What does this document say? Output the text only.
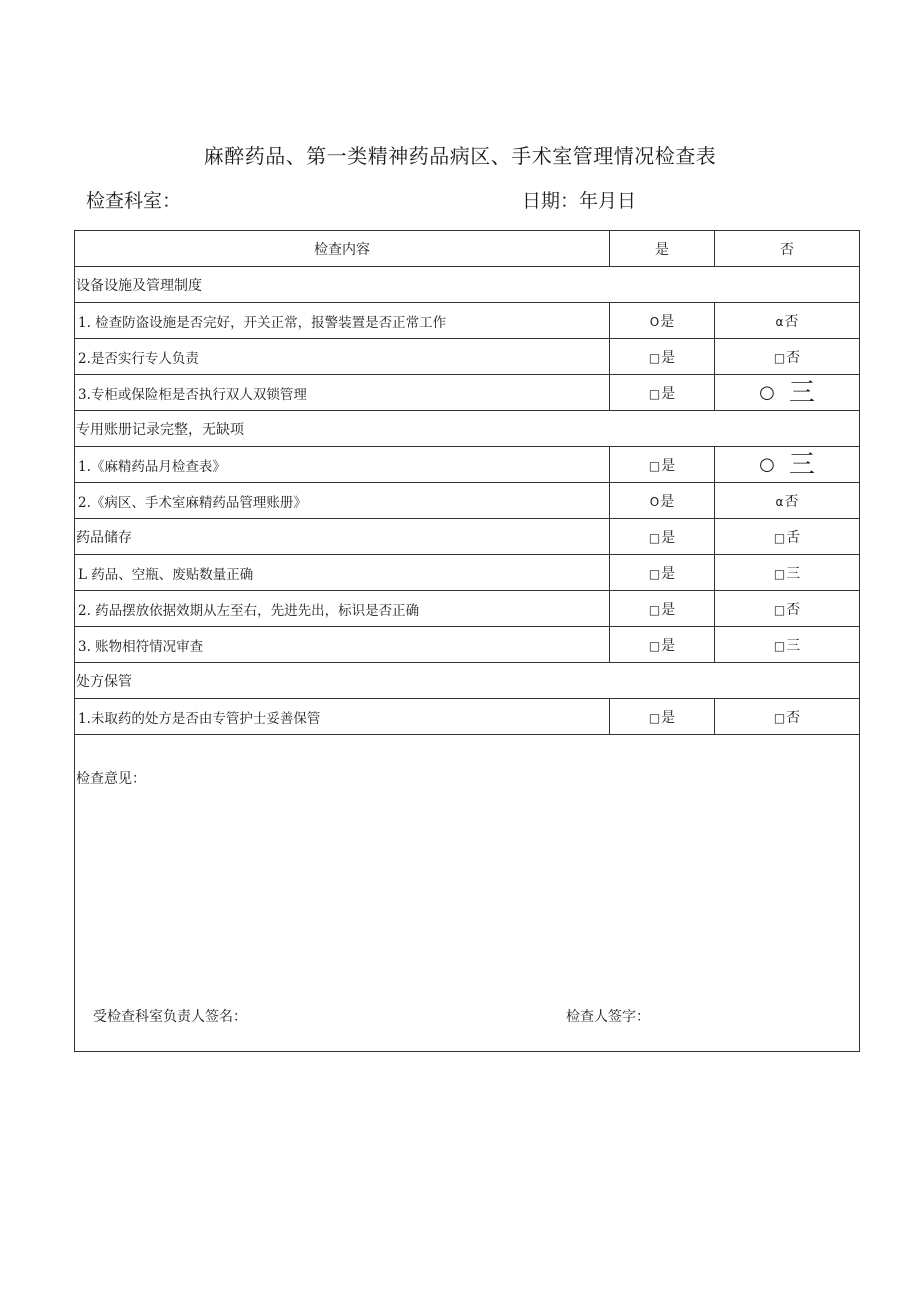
麻醉药品、第一类精神药品病区、手术室管理情况检查表
检查科室：	日期：年月日
检查内容	是	否
设备设施及管理制度		
1. 检查防盗设施是否完好，开关正常，报警装置是否正常工作	O是	α否
2.是否实行专人负责	□是	□否
3.专柜或保险柜是否执行双人双锁管理	□是	○ 三
专用账册记录完整，无缺项		
1.《麻精药品月检查表》	□是	○ 三
2.《病区、手术室麻精药品管理账册》	O是	α否
药品储存	□是	□舌
L 药品、空瓶、废贴数量正确	□是	□三
2. 药品摆放依据效期从左至右，先进先出，标识是否正确	□是	□否
3. 账物相符情况审查	□是	□三
处方保管		
1.未取药的处方是否由专管护士妥善保管	□是	□否

检查意见：
受检查科室负责人签名： 检查人签字：		
